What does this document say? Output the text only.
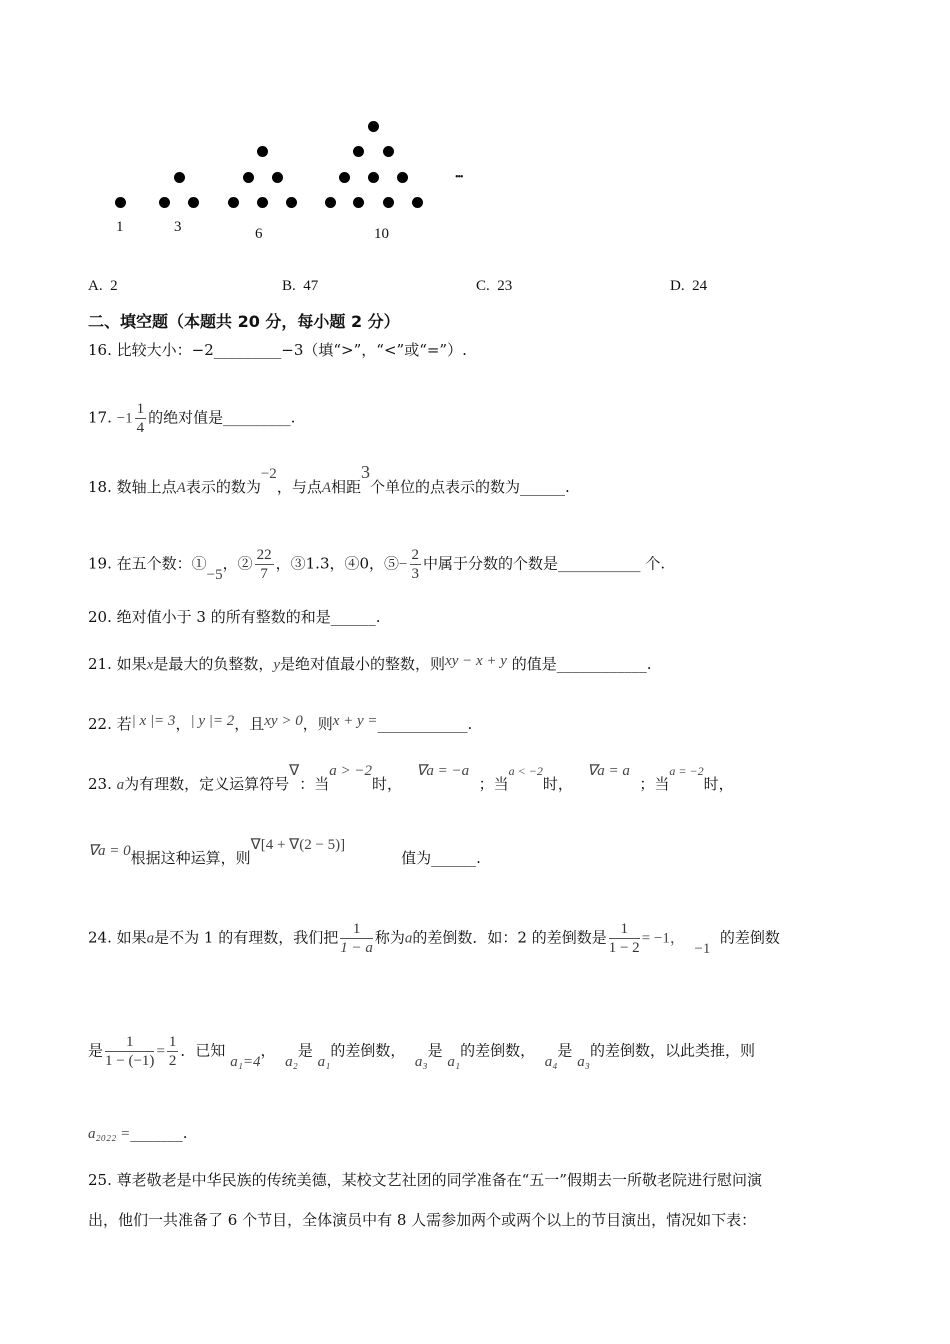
•••
1	3	6	10
A. 2	B. 47	C. 23	D. 24
二、填空题（本题共 20 分，每小题 2 分）
16. 比较大小：−2_________−3（填“>”，“<”或“=”）.
17. $-1 \frac{1}{4}$ 的绝对值是_________.
18. 数轴上点A表示的数为−2，与点A相距3个单位的点表示的数为______.
19. 在五个数：①−5，② $\frac{22}{7}$ ，③1.3，④0，⑤− $\frac{2}{3}$ 中属于分数的个数是___________ 个.
20. 绝对值小于 3 的所有整数的和是______.
21. 如果x是最大的负整数，y是绝对值最小的整数，则xy − x + y 的值是____________.
22. 若| x |= 3，| y |= 2，且xy > 0，则x + y =____________.
23. a为有理数，定义运算符号∇：当a > −2时，   ∇a = −a  ；当$^{a < -2}$时，   ∇a = a  ；当$^{a = -2}$时，
∇a = 0根据这种运算，则∇[4 + ∇(2 − 5)]值为______.
24. 如果a是不为 1 的有理数，我们把 $\frac{1}{1 - a}$ 称为a的差倒数．如：2 的差倒数是 $\frac{1}{1 - 2} = -1$，  −1  的差倒数
是 $\frac{1}{1 - (-1)} = \frac{1}{2}$ ．已知 a₁=4，  a₂是 a₁的差倒数，  a₃是 a₁的差倒数，  a₄是 a₃的差倒数，以此类推，则
a₂₀₂₂ =_______.
25. 尊老敬老是中华民族的传统美德，某校文艺社团的同学准备在“五一”假期去一所敬老院进行慰问演
出，他们一共准备了 6 个节目，全体演员中有 8 人需参加两个或两个以上的节目演出，情况如下表：
